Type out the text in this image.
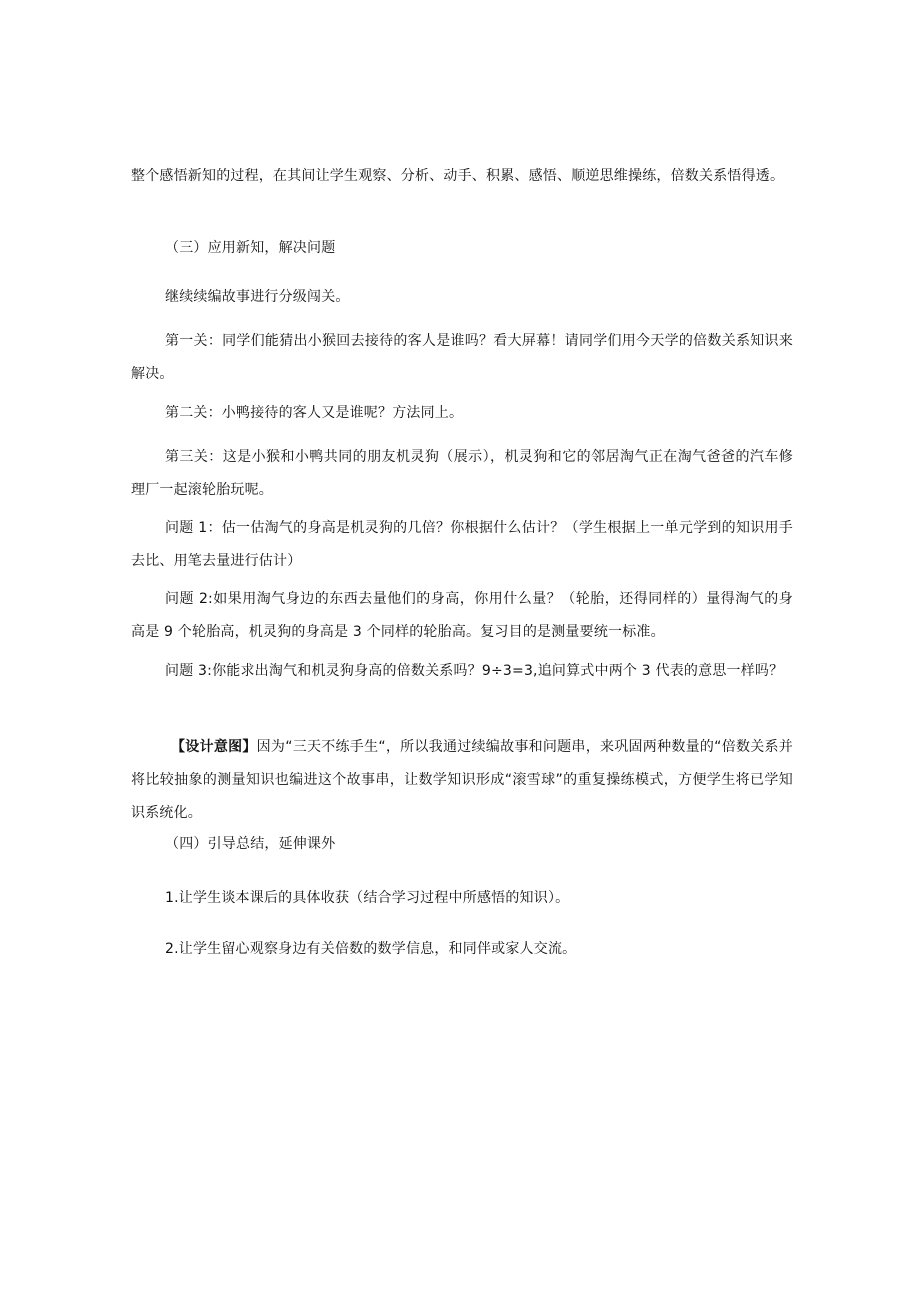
整个感悟新知的过程，在其间让学生观察、分析、动手、积累、感悟、顺逆思维操练，倍数关系悟得透。

（三）应用新知，解决问题

继续续编故事进行分级闯关。

第一关：同学们能猜出小猴回去接待的客人是谁吗？看大屏幕！请同学们用今天学的倍数关系知识来解决。

第二关：小鸭接待的客人又是谁呢？方法同上。

第三关：这是小猴和小鸭共同的朋友机灵狗（展示），机灵狗和它的邻居淘气正在淘气爸爸的汽车修理厂一起滚轮胎玩呢。

问题 1：估一估淘气的身高是机灵狗的几倍？你根据什么估计？（学生根据上一单元学到的知识用手去比、用笔去量进行估计）

问题 2:如果用淘气身边的东西去量他们的身高，你用什么量？（轮胎，还得同样的）量得淘气的身高是 9 个轮胎高，机灵狗的身高是 3 个同样的轮胎高。复习目的是测量要统一标准。

问题 3:你能求出淘气和机灵狗身高的倍数关系吗？9÷3=3,追问算式中两个 3 代表的意思一样吗？

【设计意图】因为“三天不练手生“，所以我通过续编故事和问题串，来巩固两种数量的“倍数关系并将比较抽象的测量知识也编进这个故事串，让数学知识形成“滚雪球”的重复操练模式，方便学生将已学知识系统化。

（四）引导总结，延伸课外

1.让学生谈本课后的具体收获（结合学习过程中所感悟的知识）。

2.让学生留心观察身边有关倍数的数学信息，和同伴或家人交流。
